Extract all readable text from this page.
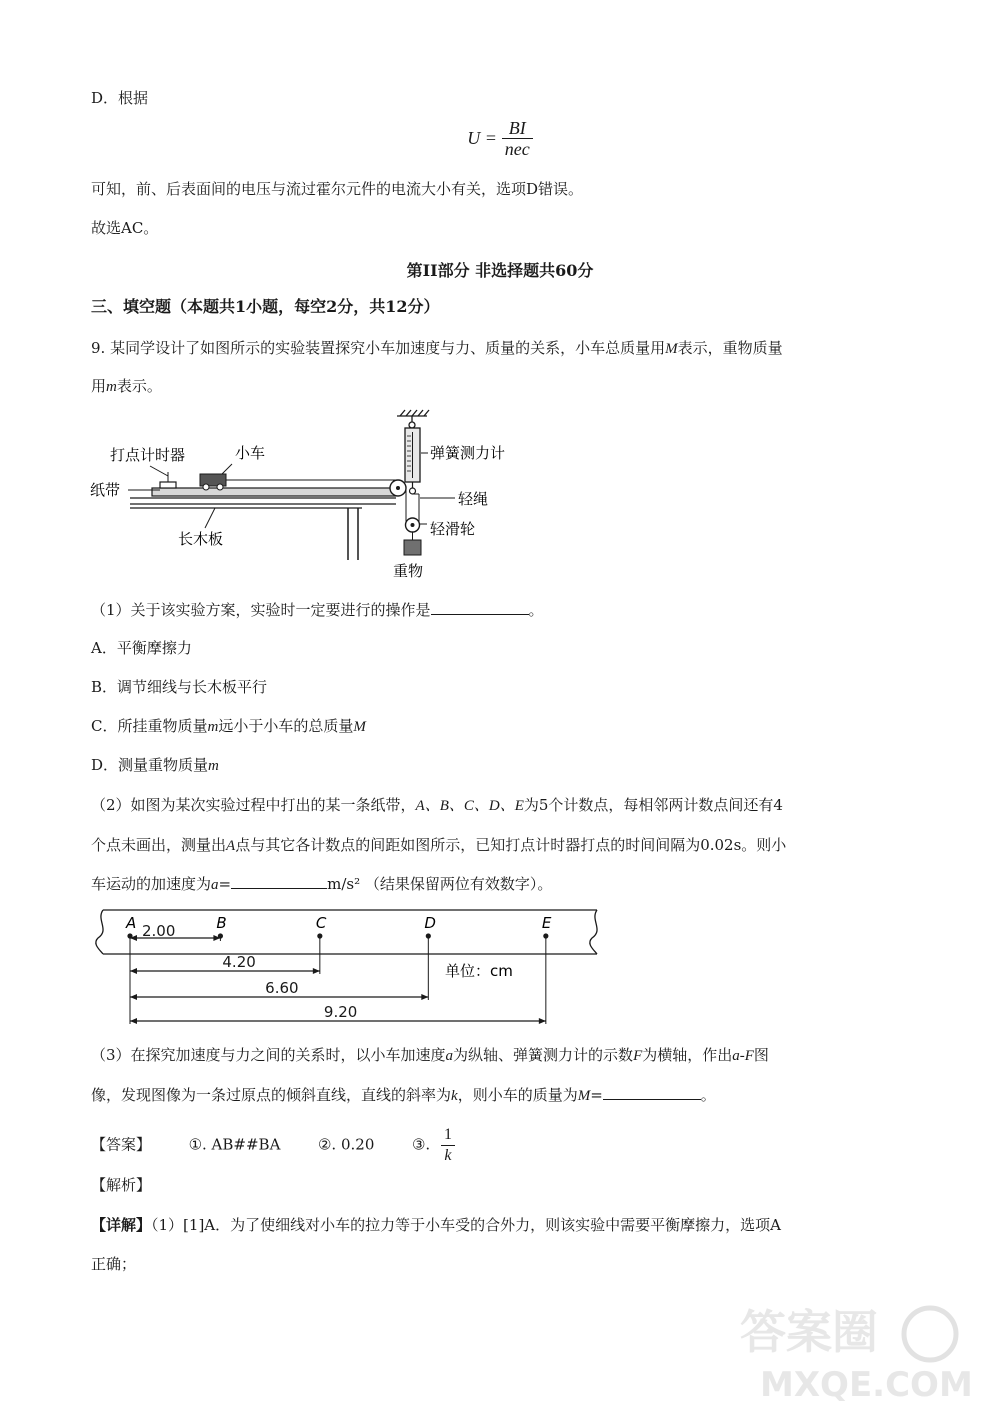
D．根据
$U = \frac{BI}{\text{nec}}$
可知，前、后表面间的电压与流过霍尔元件的电流大小有关，选项D错误。
故选AC。
第II部分 非选择题共60分
三、填空题（本题共1小题，每空2分，共12分）
9. 某同学设计了如图所示的实验装置探究小车加速度与力、质量的关系，小车总质量用M表示，重物质量
用m表示。
弹簧测力计
打点计时器	小车
纸带	轻绳
轻滑轮
重物
长木板
（1）关于该实验方案，实验时一定要进行的操作是	。
A．平衡摩擦力
B．调节细线与长木板平行
C．所挂重物质量m远小于小车的总质量M
D．测量重物质量m
（2）如图为某次实验过程中打出的某一条纸带，A、B、C、D、E为5个计数点，每相邻两计数点间还有4
个点未画出，测量出A点与其它各计数点的间距如图所示，已知打点计时器打点的时间间隔为0.02s。则小
车运动的加速度为a=	m/s² （结果保留两位有效数字）。
A	B	C	D	E
2.00
4.20
6.60
9.20
单位：cm
（3）在探究加速度与力之间的关系时，以小车加速度a为纵轴、弹簧测力计的示数F为横轴，作出a-F图
像，发现图像为一条过原点的倾斜直线，直线的斜率为k，则小车的质量为M=	。
【答案】	①. AB##BA	②. 0.20	③. $\frac{1}{k}$
【解析】
【详解】（1）[1]A．为了使细线对小车的拉力等于小车受的合外力，则该实验中需要平衡摩擦力，选项A
正确；
答案圈
MXQE.COM
